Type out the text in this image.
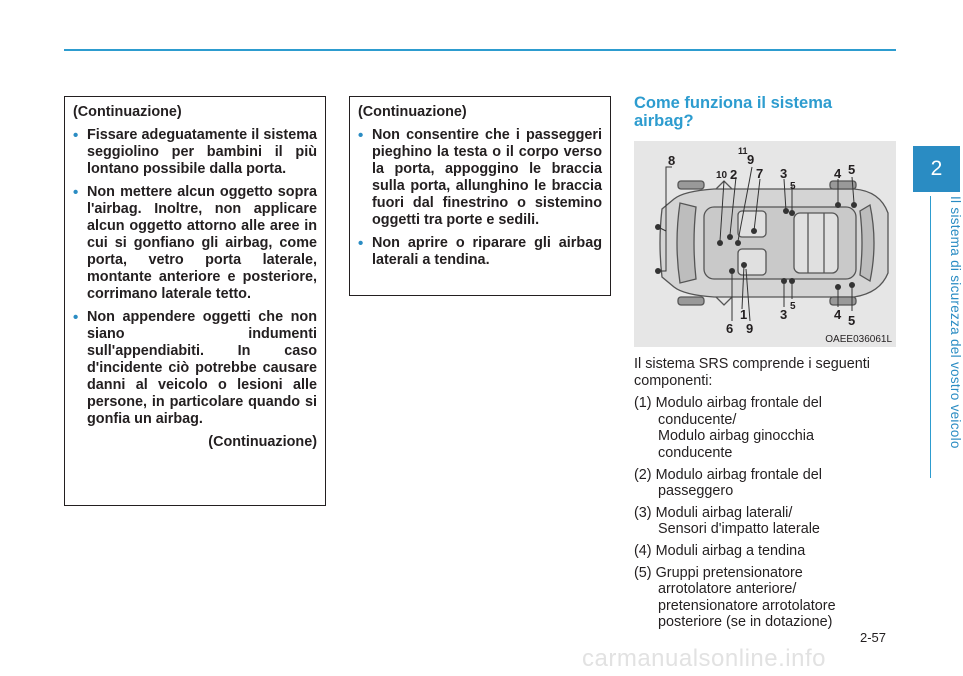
2
Il sistema di sicurezza del vostro veicolo
(Continuazione)
• Fissare adeguatamente il sistema seggiolino per bambini il più lontano possibile dalla porta.
• Non mettere alcun oggetto sopra l'airbag. Inoltre, non applicare alcun oggetto attorno alle aree in cui si gonfiano gli airbag, come porta, vetro porta laterale, montante anteriore e posteriore, corrimano laterale tetto.
• Non appendere oggetti che non siano indumenti sull'appendiabiti. In caso d'incidente ciò potrebbe causare danni al veicolo o lesioni alle persone, in particolare quando si gonfia un airbag.
(Continuazione)
(Continuazione)
• Non consentire che i passeggeri pieghino la testa o il corpo verso la porta, appoggino le braccia sulla porta, allunghino le braccia fuori dal finestrino o sistemino oggetti tra porte e sedili.
• Non aprire o riparare gli airbag laterali a tendina.
Come funziona il sistema airbag?
8
11
9
10 2 7 3
5
4 5
1
6 9
3
5
4 5
OAEE036061L

Il sistema SRS comprende i seguenti componenti:

(1) Modulo airbag frontale del
conducente/
Modulo airbag ginocchia
conducente
(2) Modulo airbag frontale del
passeggero
(3) Moduli airbag laterali/
Sensori d'impatto laterale
(4) Moduli airbag a tendina
(5) Gruppi pretensionatore
arrotolatore anteriore/
pretensionatore arrotolatore
posteriore (se in dotazione)
2-57
carmanualsonline.info
